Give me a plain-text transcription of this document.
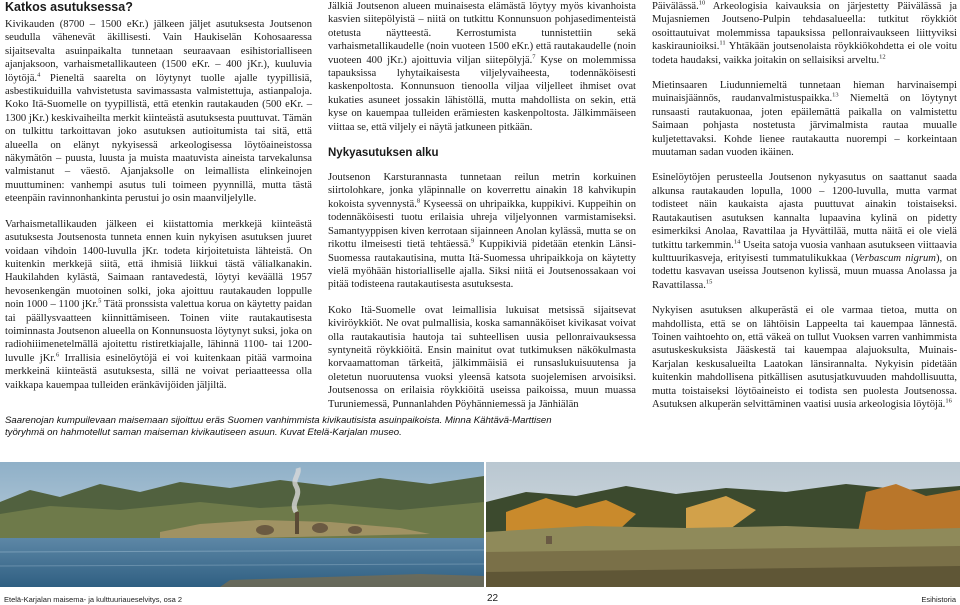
Katkos asutuksessa?

Kivikauden (8700 – 1500 eKr.) jälkeen jäljet asutuksesta Joutsenon seudulla vähenevät äkillisesti. Vain Haukiselän Kohosaaressa sijaitsevalta asuinpaikalta tunnetaan seuraavaan esihistorialliseen ajanjaksoon, varhaismetallikauteen (1500 eKr. – 400 jKr.), kuuluvia löytöjä.$^4$ Pieneltä saarelta on löytynyt tuolle ajalle tyypillisiä, asbestikuiduilla vahvistetusta savimassasta valmistettuja, astianpaloja. Koko Itä-Suomelle on tyypillistä, että etenkin rautakauden (500 eKr. – 1300 jKr.) keskivaiheilta merkit kiinteästä asutuksesta puuttuvat. Tämän on tulkittu tarkoittavan joko asutuksen autioitumista tai sitä, että alueella on elänyt nykyisessä arkeologisessa löytöaineistossa näkymätön – puusta, luusta ja muista maatuvista aineista tarvekalunsa valmistanut – väestö. Ajanjaksolle on leimallista elinkeinojen muuttuminen: vanhempi asutus tuli toimeen pyynnillä, mutta tästä eteenpäin ravinnonhankinta perustui jo osin maanviljelylle.

Varhaismetallikauden jälkeen ei kiistattomia merkkejä kiinteästä asutuksesta Joutsenosta tunneta ennen kuin nykyisen asutuksen juuret voidaan vihdoin 1400-luvulla jKr. todeta kirjoitetuista lähteistä. On kuitenkin merkkejä siitä, että ihmisiä liikkui tästä välialkanakin. Haukilahden kylästä, Saimaan rantavedestä, löytyi keväällä 1957 hevosenkengän muotoinen solki, joka ajoittuu rautakauden loppulle noin 1000 – 1100 jKr.$^5$ Tätä pronssista valettua korua on käytetty paidan tai päällysvaatteen kiinnittämiseen. Toinen viite rautakautisesta toiminnasta Joutsenon alueella on Konnunsuosta löytynyt suksi, joka on radiohiiimenetelmällä ajoitettu ristiretkiajalle, lähinnä 1100- tai 1200-luvulle jKr.$^6$ Irrallisia esinelöytöjä ei voi kuitenkaan pitää varmoina merkkeinä kiinteästä asutuksesta, sillä ne voivat periaatteessa olla vaikkapa kauempaa tulleiden eränkävijöiden jäljiltä.

Jälkiä Joutsenon alueen muinaisesta elämästä löytyy myös kivanhoista kasvien siitepölyistä – niitä on tutkittu Konnunsuon pohjasedimenteistä otetusta näytteestä. Kerrostumista tunnistettiin sekä varhaismetallikaudelle (noin vuoteen 1500 eKr.) että rautakaudelle (noin vuoteen 400 jKr.) ajoittuvia viljan siitepölyjä.$^7$ Kyse on molemmissa tapauksissa lyhytaikaisesta viljelyvaiheesta, todennäköisesti kaskenpoltosta. Konnunsuon tienoolla viljaa viljelleet ihmiset ovat kukaties asuneet jossakin lähistöllä, mutta mahdollista on sekin, että kyse on kauempaa tulleiden erämiesten kaskenpoltosta. Jälkimmäiseen viittaa se, että viljely ei näytä jatkuneen pitkään.

Nykyasutuksen alku

Joutsenon Karsturannasta tunnetaan reilun metrin korkuinen siirtolohkare, jonka yläpinnalle on koverrettu ainakin 18 kahvikupin kokoista syvennystä.$^8$ Kyseessä on uhripaikka, kuppikivi. Kuppeihin on todennäköisesti tuotu erilaisia uhreja viljelyonnen varmistamiseksi. Samantyyppisen kiven kerrotaan sijainneen Anolan kylässä, mutta se on rikottu ilmeisesti tietä tehtäessä.$^9$ Kuppikiviä pidetään etenkin Länsi-Suomessa rautakautisina, mutta Itä-Suomessa uhripaikkoja on käytetty vielä myöhään historialliselle ajalla. Siksi niitä ei Joutsenossakaan voi pitää todisteena rautakautisesta asutuksesta.

Koko Itä-Suomelle ovat leimallisia lukuisat metsissä sijaitsevat kiviröykkiöt. Ne ovat pulmallisia, koska samannäköiset kivikasat voivat olla rautakautisia hautoja tai suhteellisen uusia pellonraivauksessa syntyneitä röykkiöitä. Ensin mainitut ovat tutkimuksen näkökulmasta korvaamattoman tärkeitä, jälkimmäisiä ei runsaslukuisuutensa ja oletetun nuoruutensa vuoksi yleensä katsota suojelemisen arvoisiksi. Joutsenossa on erilaisia röykkiöitä useissa paikoissa, muun muassa Turuniemessä, Punnanlahden Pöyhänniemessä ja Jänhiälän

Päivälässä.$^{10}$ Arkeologisia kaivauksia on järjestetty Päivälässä ja Mujasniemen Joutseno-Pulpin tehdasalueella: tutkitut röykkiöt osoittautuivat molemmissa tapauksissa pellonraivaukseen liittyviksi kaskiraunioiksi.$^{11}$ Yhtäkään joutsenolaista röykkiökohdetta ei ole voitu todeta haudaksi, vaikka joitakin on sellaisiksi arveltu.$^{12}$

Mietinsaaren Liudunniemeltä tunnetaan hieman harvinaisempi muinaisjäännös, raudanvalmistuspaikka.$^{13}$ Niemeltä on löytynyt runsaasti rautakuonaa, joten epäilemättä paikalla on valmistettu Saimaan pohjasta nostetusta järvimalmista rautaa muualle kuljetettavaksi. Kohde lienee rautakautta nuorempi – korkeintaan muutaman sadan vuoden ikäinen.

Esinelöytöjen perusteella Joutsenon nykyasutus on saattanut saada alkunsa rautakauden lopulla, 1000 – 1200-luvulla, mutta varmat todisteet näin kaukaista ajasta puuttuvat ainakin toistaiseksi. Rautakautisen asutuksen kannalta lupaavina kylinä on pidetty esimerkiksi Anolaa, Ravattilaa ja Hyvättilää, mutta näitä ei ole vielä tutkittu tarkemmin.$^{14}$ Useita satoja vuosia vanhaan asutukseen viittaavia kulttuurikasveja, erityisesti tummatulikukkaa (Verbascum nigrum), on todettu kasvavan useissa Joutsenon kylissä, muun muassa Anolassa ja Ravattilassa.$^{15}$

Nykyisen asutuksen alkuperästä ei ole varmaa tietoa, mutta on mahdollista, että se on lähtöisin Lappeelta tai kauempaa lännestä. Toinen vaihtoehto on, että väkeä on tullut Vuoksen varren vanhimmista asutuskeskuksista Jääskestä tai kauempaa alajuoksulta, Muinais-Karjalan keskusalueilta Laatokan länsirannalta. Nykyisin pidetään kuitenkin mahdollisena pitkällisen asutusjatkuvuuden mahdollisuutta, mutta toistaiseksi löytöaineisto ei todista sen puolesta Joutsenossa. Asutuksen alkuperän selvittäminen vaatisi uusia arkeologisia löytöjä.$^{16}$

Saarenojan kumpuilevaan maisemaan sijoittuu eräs Suomen vanhimmista kivikautisista asuinpaikoista. Minna Kähtävä-Marttisen
työryhmä on hahmotellut saman maiseman kivikautiseen asuun. Kuvat Etelä-Karjalan museo.
Etelä-Karjalan maisema- ja kulttuuriaueselvitys, osa 2	22	Esihistoria
